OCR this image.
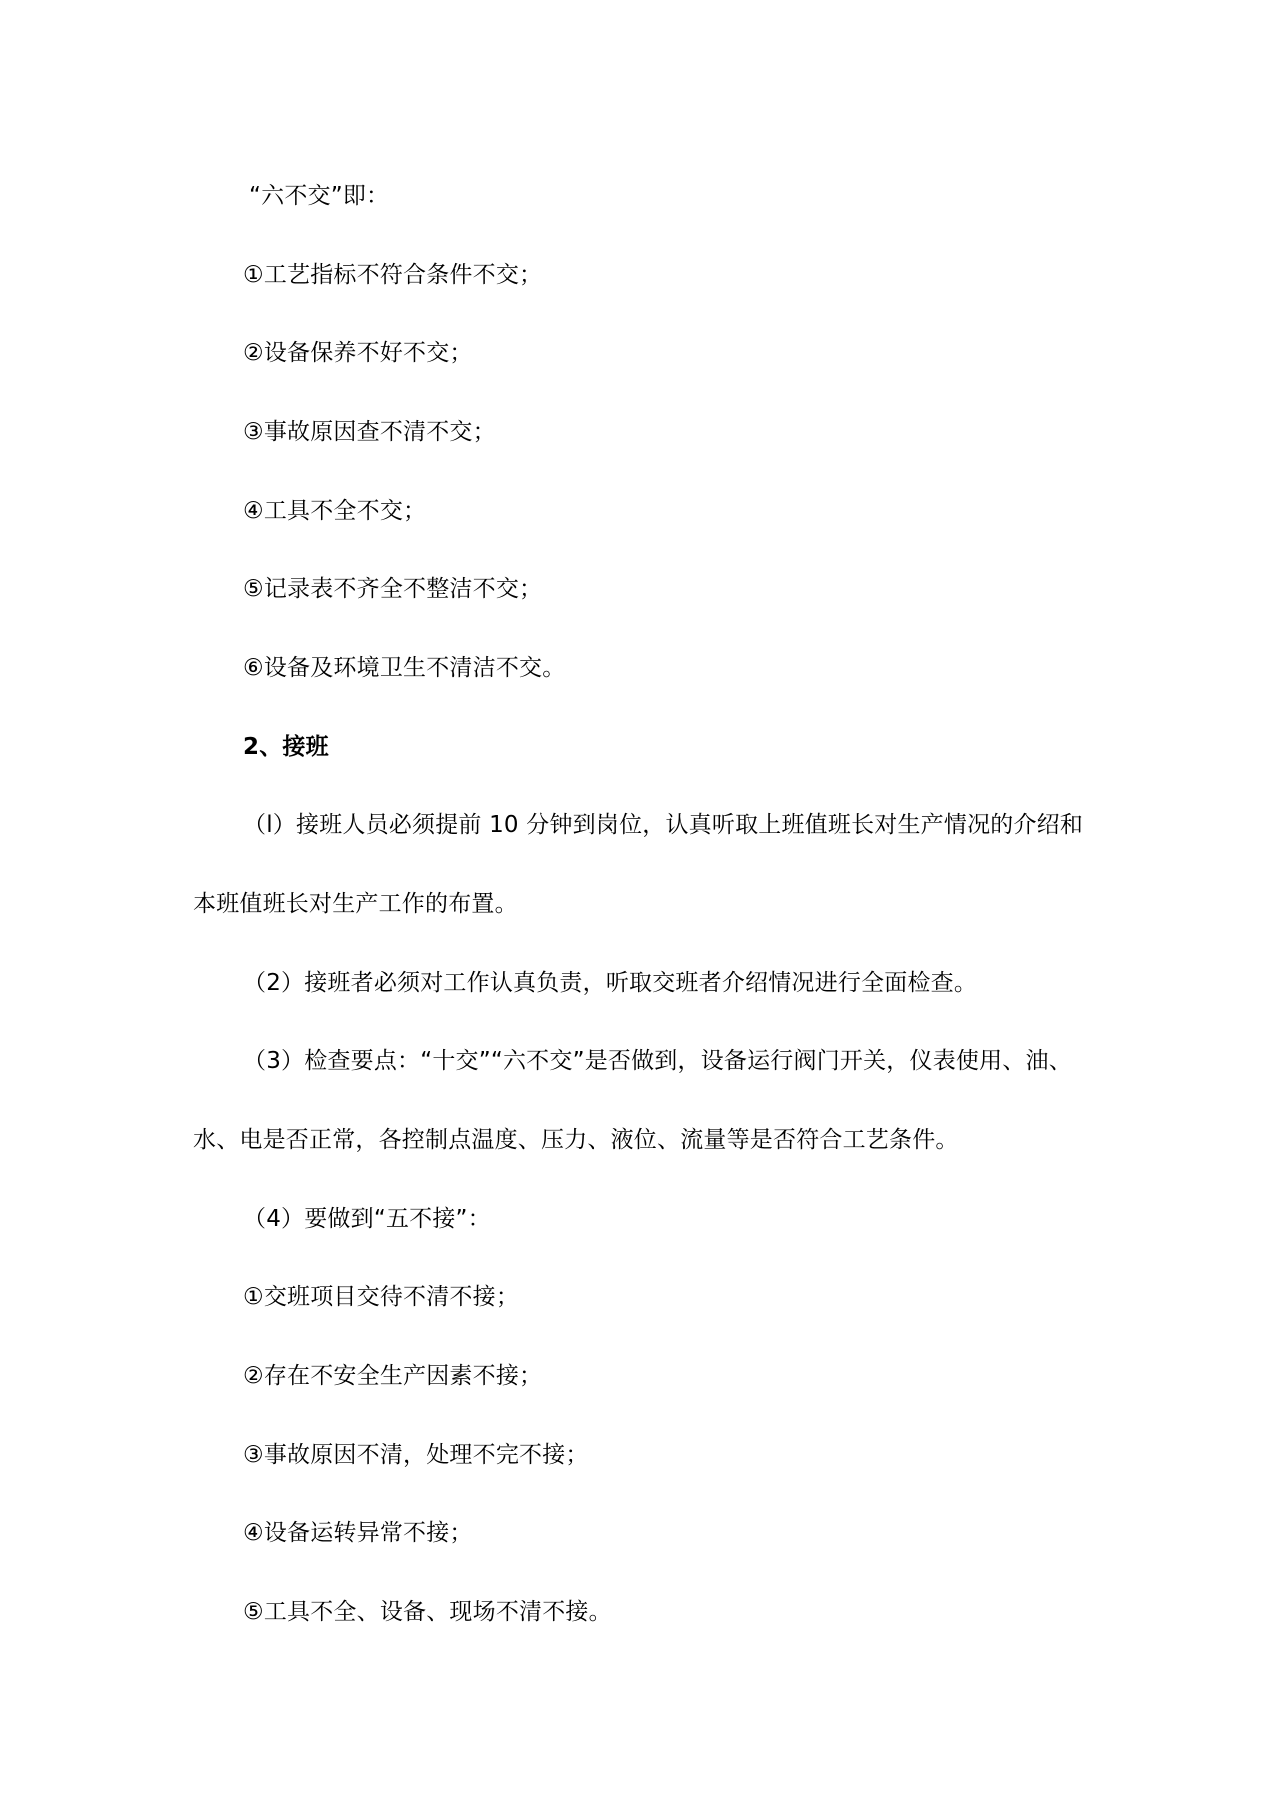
“六不交”即：
①工艺指标不符合条件不交；
②设备保养不好不交；
③事故原因查不清不交；
④工具不全不交；
⑤记录表不齐全不整洁不交；
⑥设备及环境卫生不清洁不交。
2、接班
（l）接班人员必须提前 10 分钟到岗位，认真听取上班值班长对生产情况的介绍和
本班值班长对生产工作的布置。
（2）接班者必须对工作认真负责，听取交班者介绍情况进行全面检查。
（3）检查要点：“十交”“六不交”是否做到，设备运行阀门开关，仪表使用、油、
水、电是否正常，各控制点温度、压力、液位、流量等是否符合工艺条件。
（4）要做到“五不接”：
①交班项目交待不清不接；
②存在不安全生产因素不接；
③事故原因不清，处理不完不接；
④设备运转异常不接；
⑤工具不全、设备、现场不清不接。
